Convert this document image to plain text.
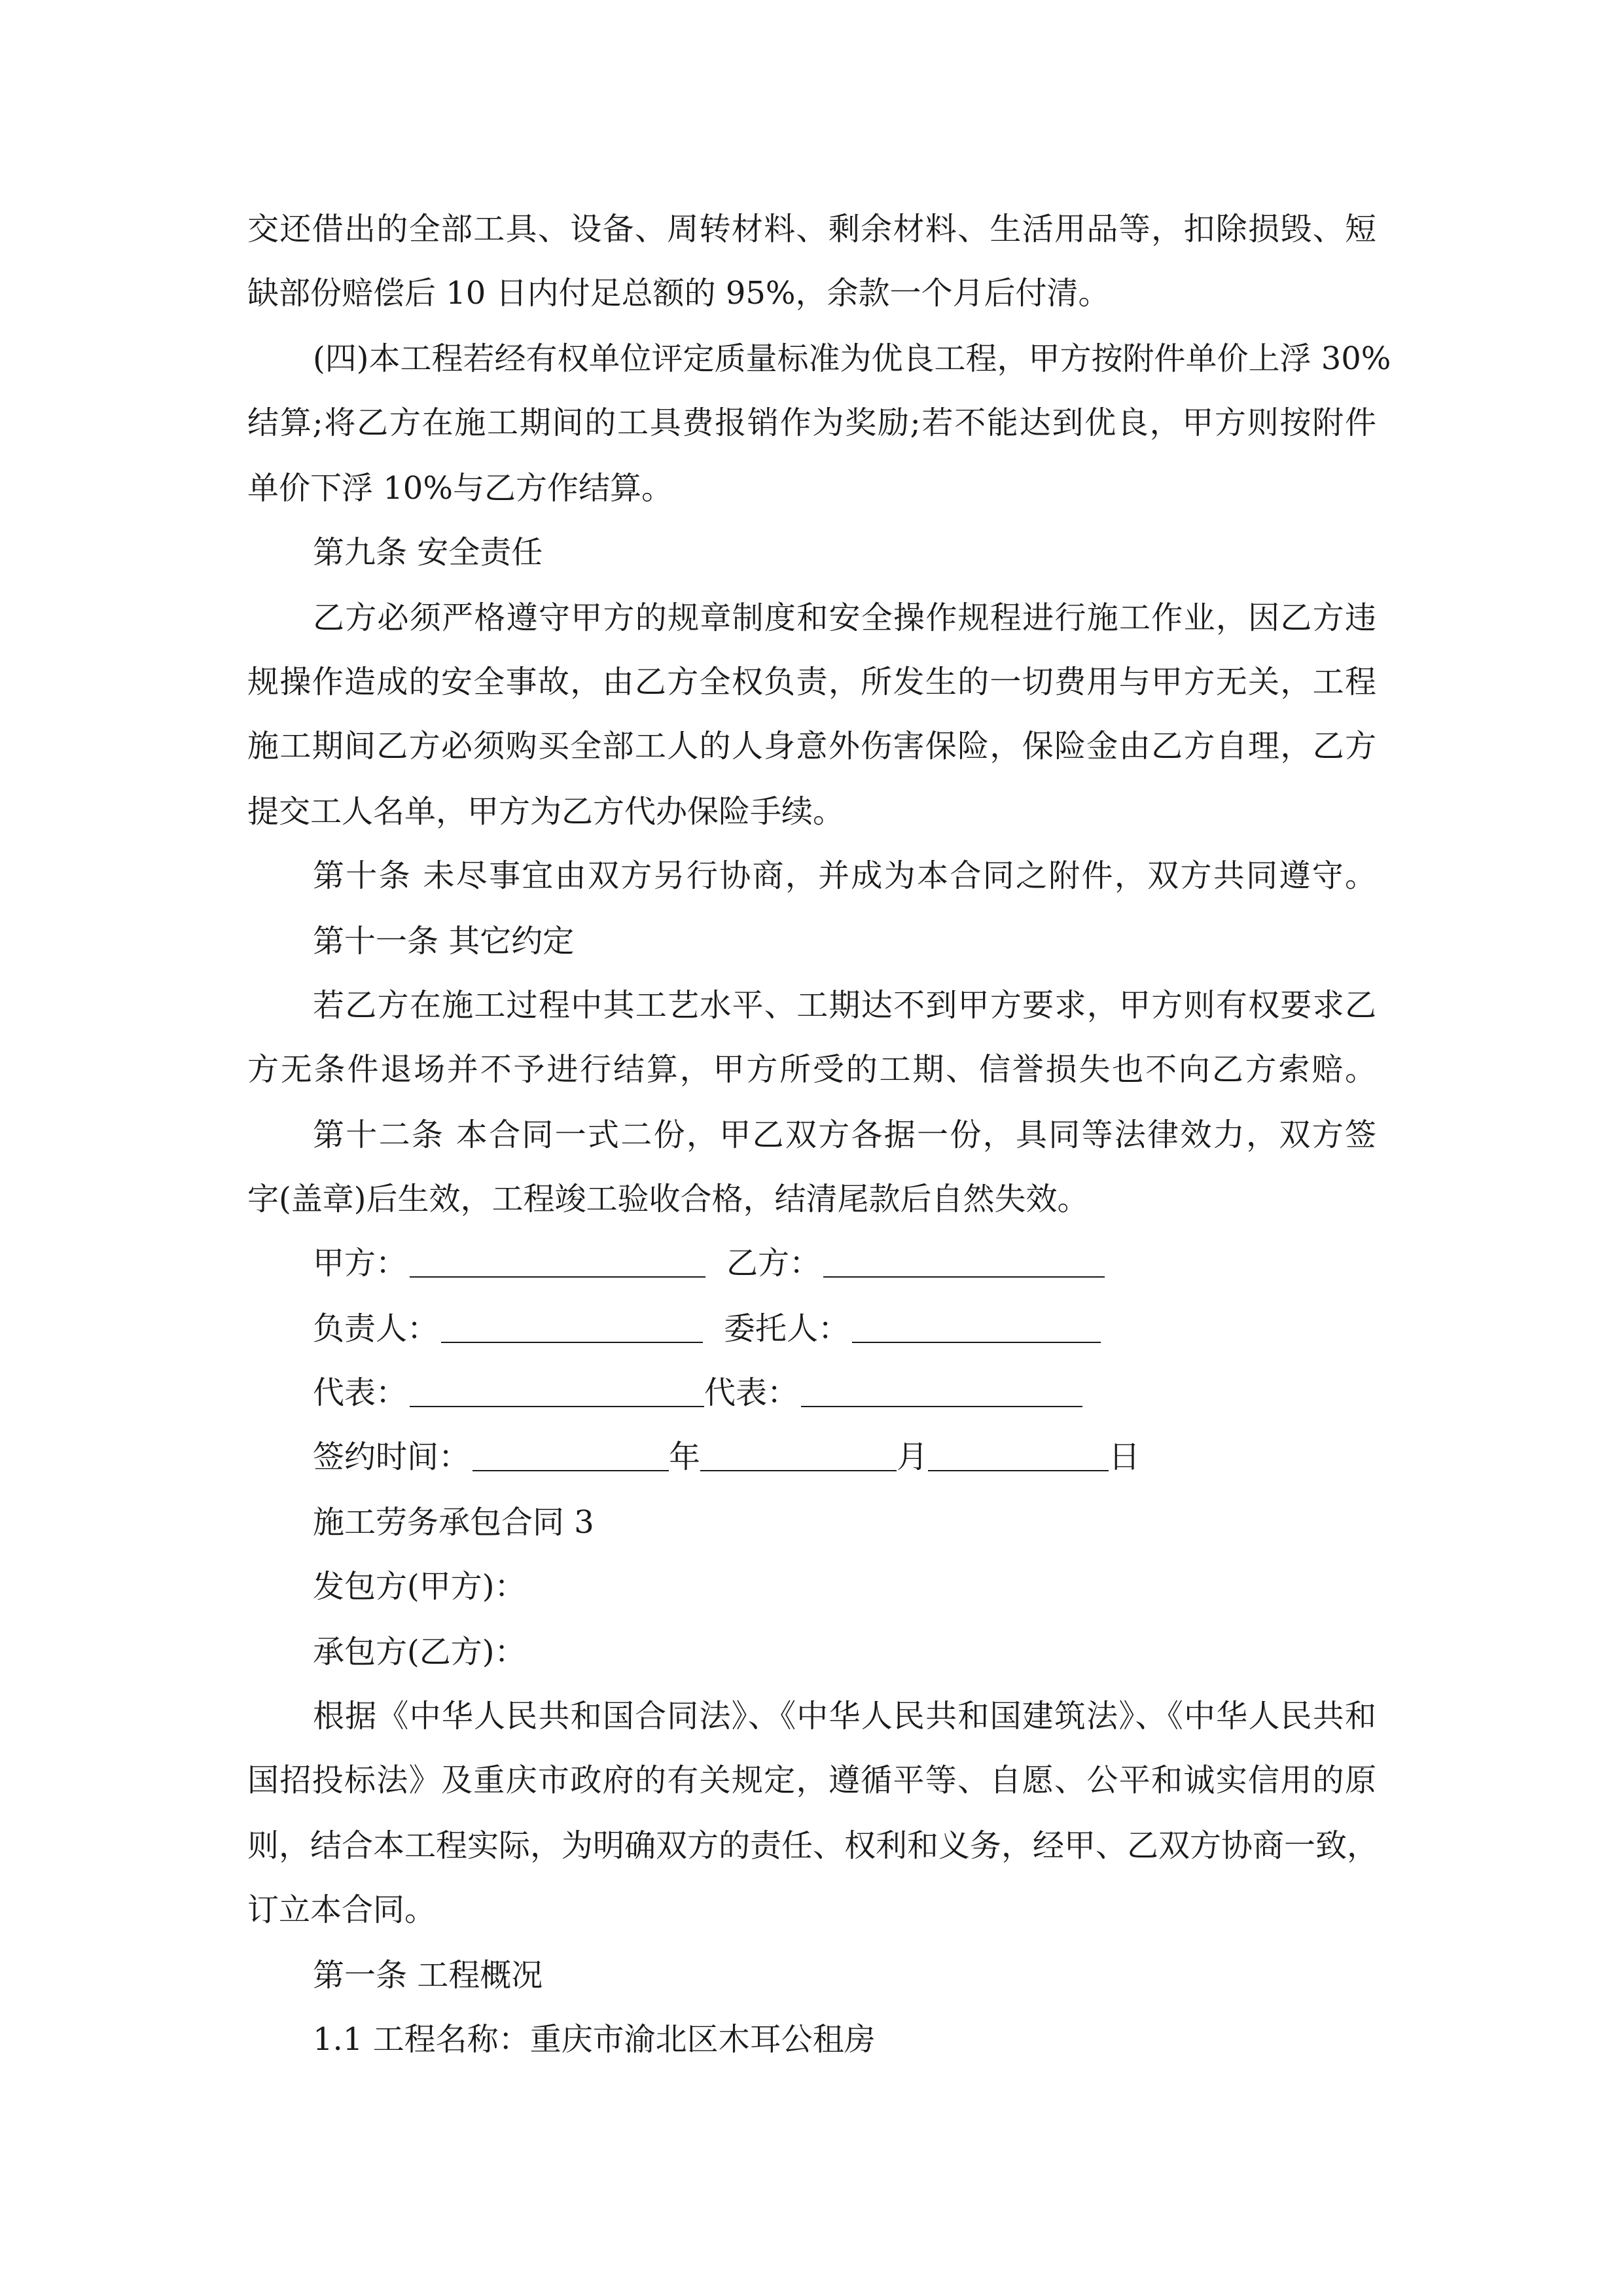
交还借出的全部工具、设备、周转材料、剩余材料、生活用品等，扣除损毁、短

缺部份赔偿后 10 日内付足总额的 95%，余款一个月后付清。

(四)本工程若经有权单位评定质量标准为优良工程，甲方按附件单价上浮 30%

结算;将乙方在施工期间的工具费报销作为奖励;若不能达到优良，甲方则按附件

单价下浮 10%与乙方作结算。

第九条 安全责任

乙方必须严格遵守甲方的规章制度和安全操作规程进行施工作业，因乙方违

规操作造成的安全事故，由乙方全权负责，所发生的一切费用与甲方无关，工程

施工期间乙方必须购买全部工人的人身意外伤害保险，保险金由乙方自理，乙方

提交工人名单，甲方为乙方代办保险手续。

第十条 未尽事宜由双方另行协商，并成为本合同之附件，双方共同遵守。

第十一条 其它约定

若乙方在施工过程中其工艺水平、工期达不到甲方要求，甲方则有权要求乙

方无条件退场并不予进行结算，甲方所受的工期、信誉损失也不向乙方索赔。

第十二条 本合同一式二份，甲乙双方各据一份，具同等法律效力，双方签

字(盖章)后生效，工程竣工验收合格，结清尾款后自然失效。

甲方：	乙方：
负责人：	委托人：
代表：	代表：
签约时间：	年	月	日

施工劳务承包合同 3

发包方(甲方)：

承包方(乙方)：

根据《中华人民共和国合同法》、《中华人民共和国建筑法》、《中华人民共和

国招投标法》及重庆市政府的有关规定，遵循平等、自愿、公平和诚实信用的原

则，结合本工程实际，为明确双方的责任、权利和义务，经甲、乙双方协商一致，

订立本合同。

第一条 工程概况

1.1 工程名称：重庆市渝北区木耳公租房
